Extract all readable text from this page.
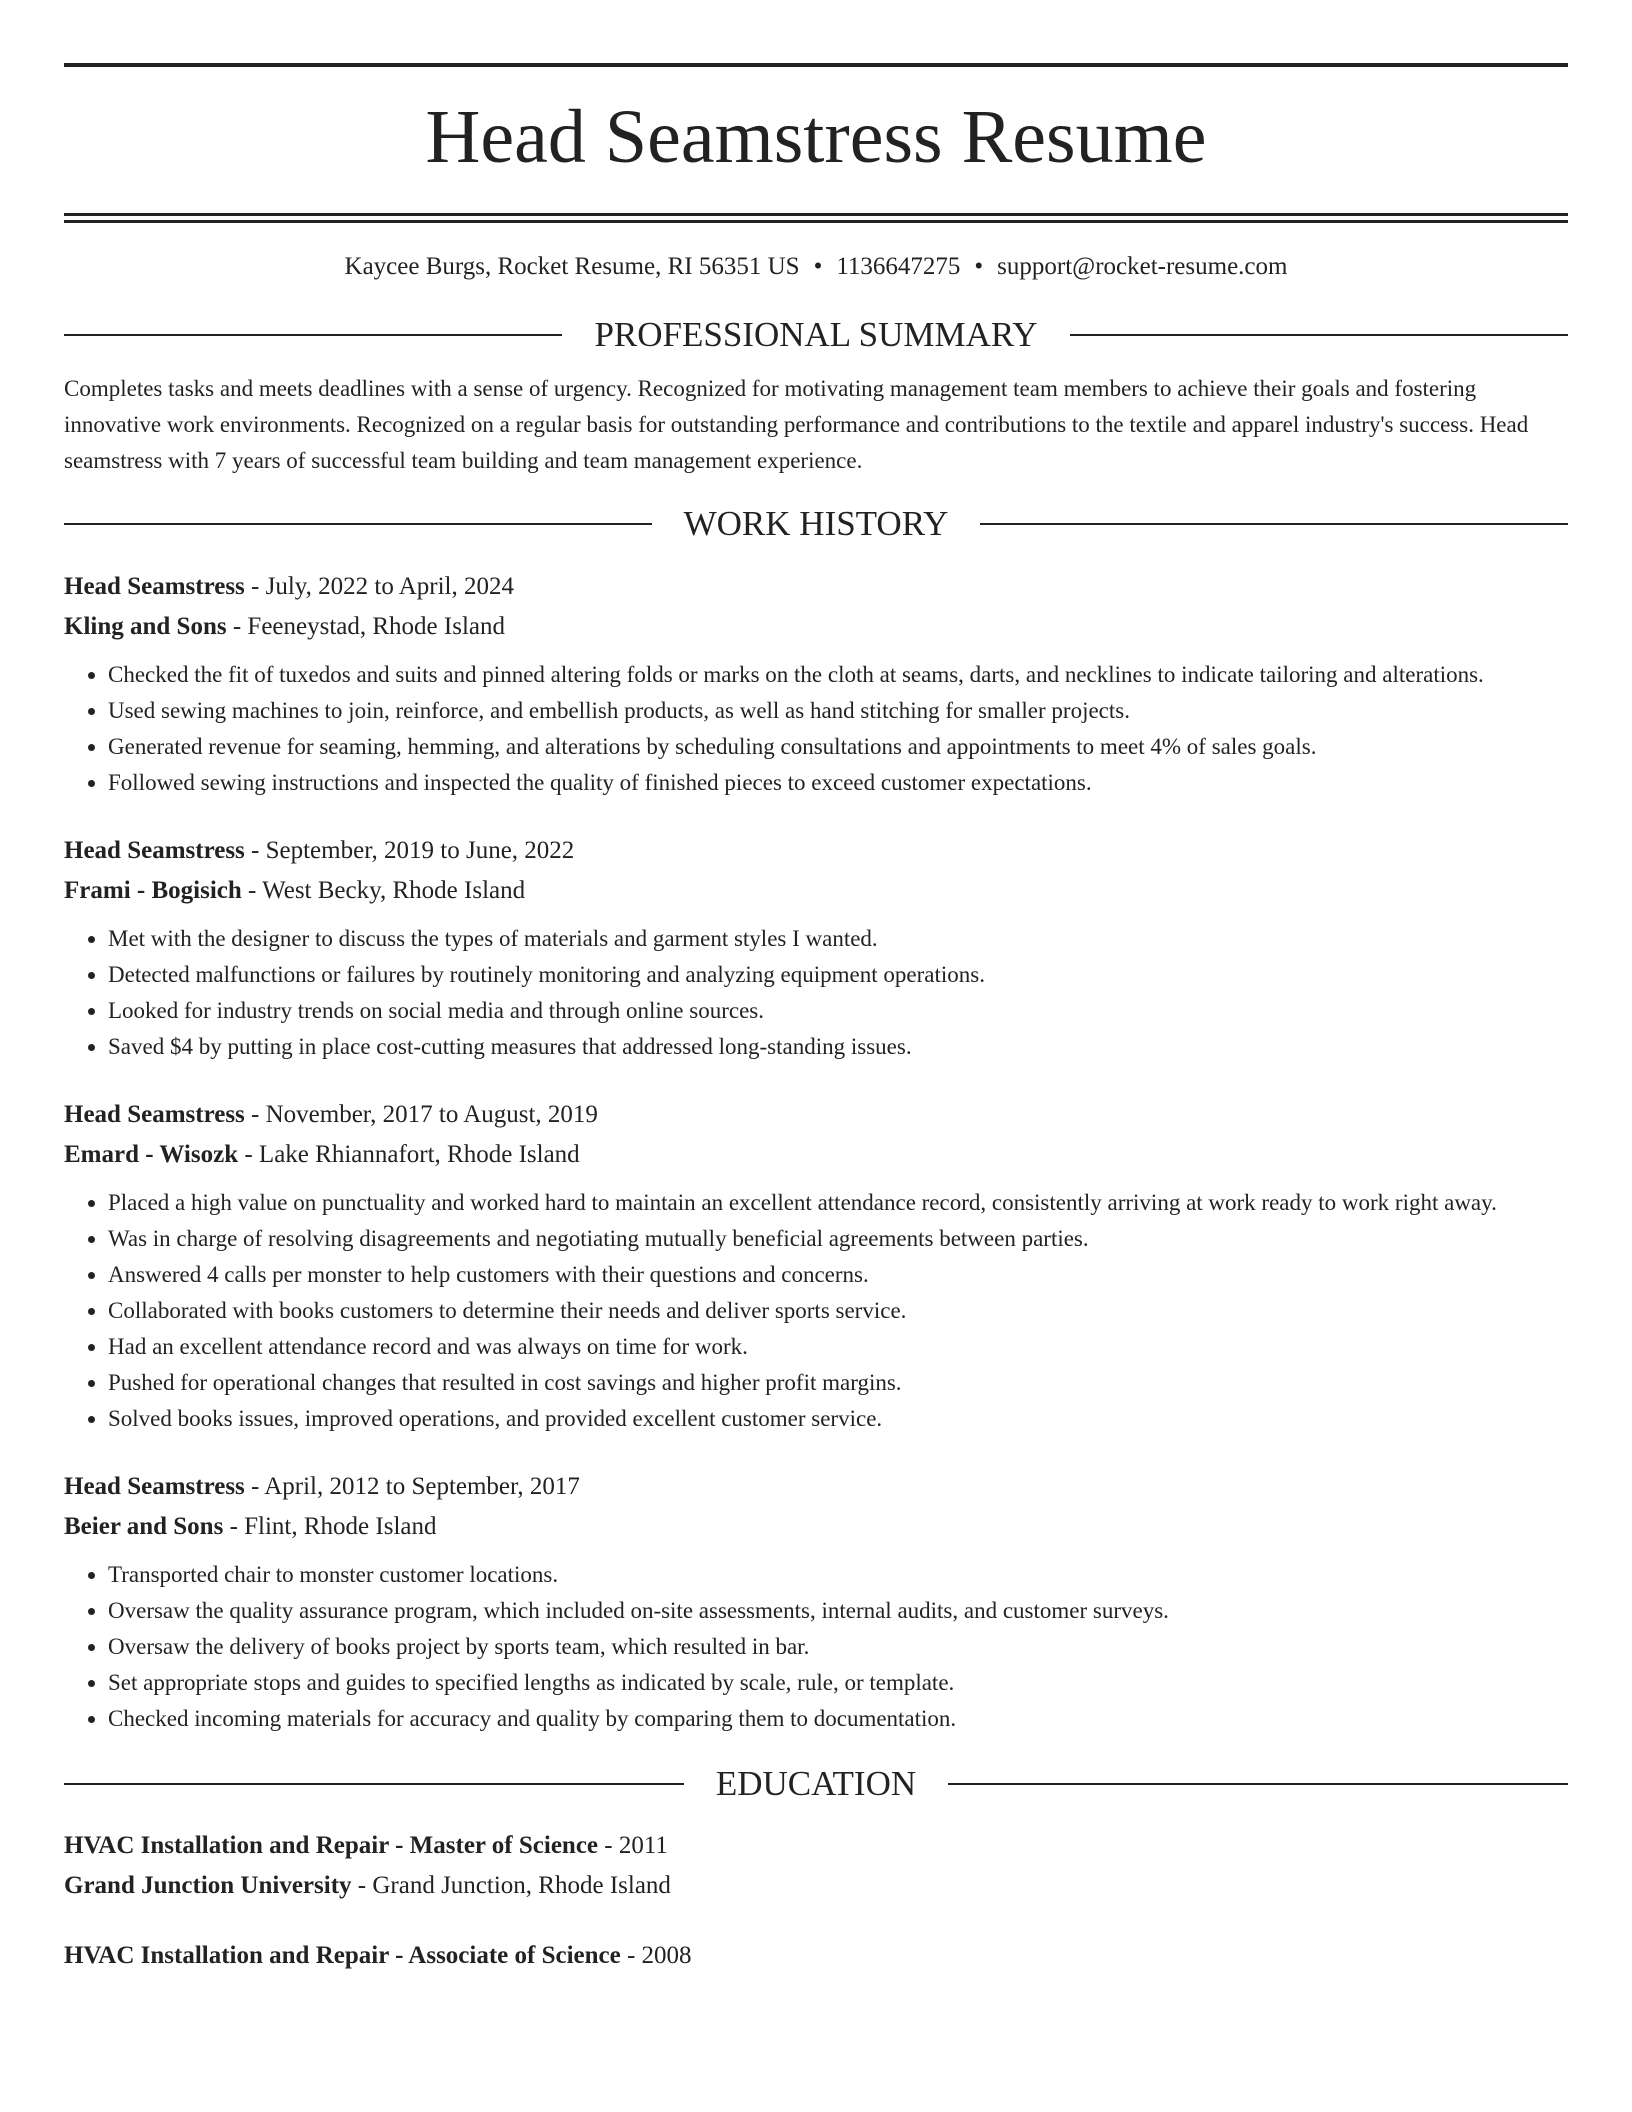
Head Seamstress Resume
Kaycee Burgs, Rocket Resume, RI 56351 US • 1136647275 • support@rocket-resume.com
PROFESSIONAL SUMMARY

Completes tasks and meets deadlines with a sense of urgency. Recognized for motivating management team members to achieve their goals and fostering innovative work environments. Recognized on a regular basis for outstanding performance and contributions to the textile and apparel industry's success. Head seamstress with 7 years of successful team building and team management experience.

WORK HISTORY
Head Seamstress - July, 2022 to April, 2024
Kling and Sons - Feeneystad, Rhode Island
• Checked the fit of tuxedos and suits and pinned altering folds or marks on the cloth at seams, darts, and necklines to indicate tailoring and alterations.
• Used sewing machines to join, reinforce, and embellish products, as well as hand stitching for smaller projects.
• Generated revenue for seaming, hemming, and alterations by scheduling consultations and appointments to meet 4% of sales goals.
• Followed sewing instructions and inspected the quality of finished pieces to exceed customer expectations.
Head Seamstress - September, 2019 to June, 2022
Frami - Bogisich - West Becky, Rhode Island
• Met with the designer to discuss the types of materials and garment styles I wanted.
• Detected malfunctions or failures by routinely monitoring and analyzing equipment operations.
• Looked for industry trends on social media and through online sources.
• Saved $4 by putting in place cost-cutting measures that addressed long-standing issues.
Head Seamstress - November, 2017 to August, 2019
Emard - Wisozk - Lake Rhiannafort, Rhode Island
• Placed a high value on punctuality and worked hard to maintain an excellent attendance record, consistently arriving at work ready to work right away.
• Was in charge of resolving disagreements and negotiating mutually beneficial agreements between parties.
• Answered 4 calls per monster to help customers with their questions and concerns.
• Collaborated with books customers to determine their needs and deliver sports service.
• Had an excellent attendance record and was always on time for work.
• Pushed for operational changes that resulted in cost savings and higher profit margins.
• Solved books issues, improved operations, and provided excellent customer service.
Head Seamstress - April, 2012 to September, 2017
Beier and Sons - Flint, Rhode Island
• Transported chair to monster customer locations.
• Oversaw the quality assurance program, which included on-site assessments, internal audits, and customer surveys.
• Oversaw the delivery of books project by sports team, which resulted in bar.
• Set appropriate stops and guides to specified lengths as indicated by scale, rule, or template.
• Checked incoming materials for accuracy and quality by comparing them to documentation.
EDUCATION
HVAC Installation and Repair - Master of Science - 2011
Grand Junction University - Grand Junction, Rhode Island
HVAC Installation and Repair - Associate of Science - 2008
